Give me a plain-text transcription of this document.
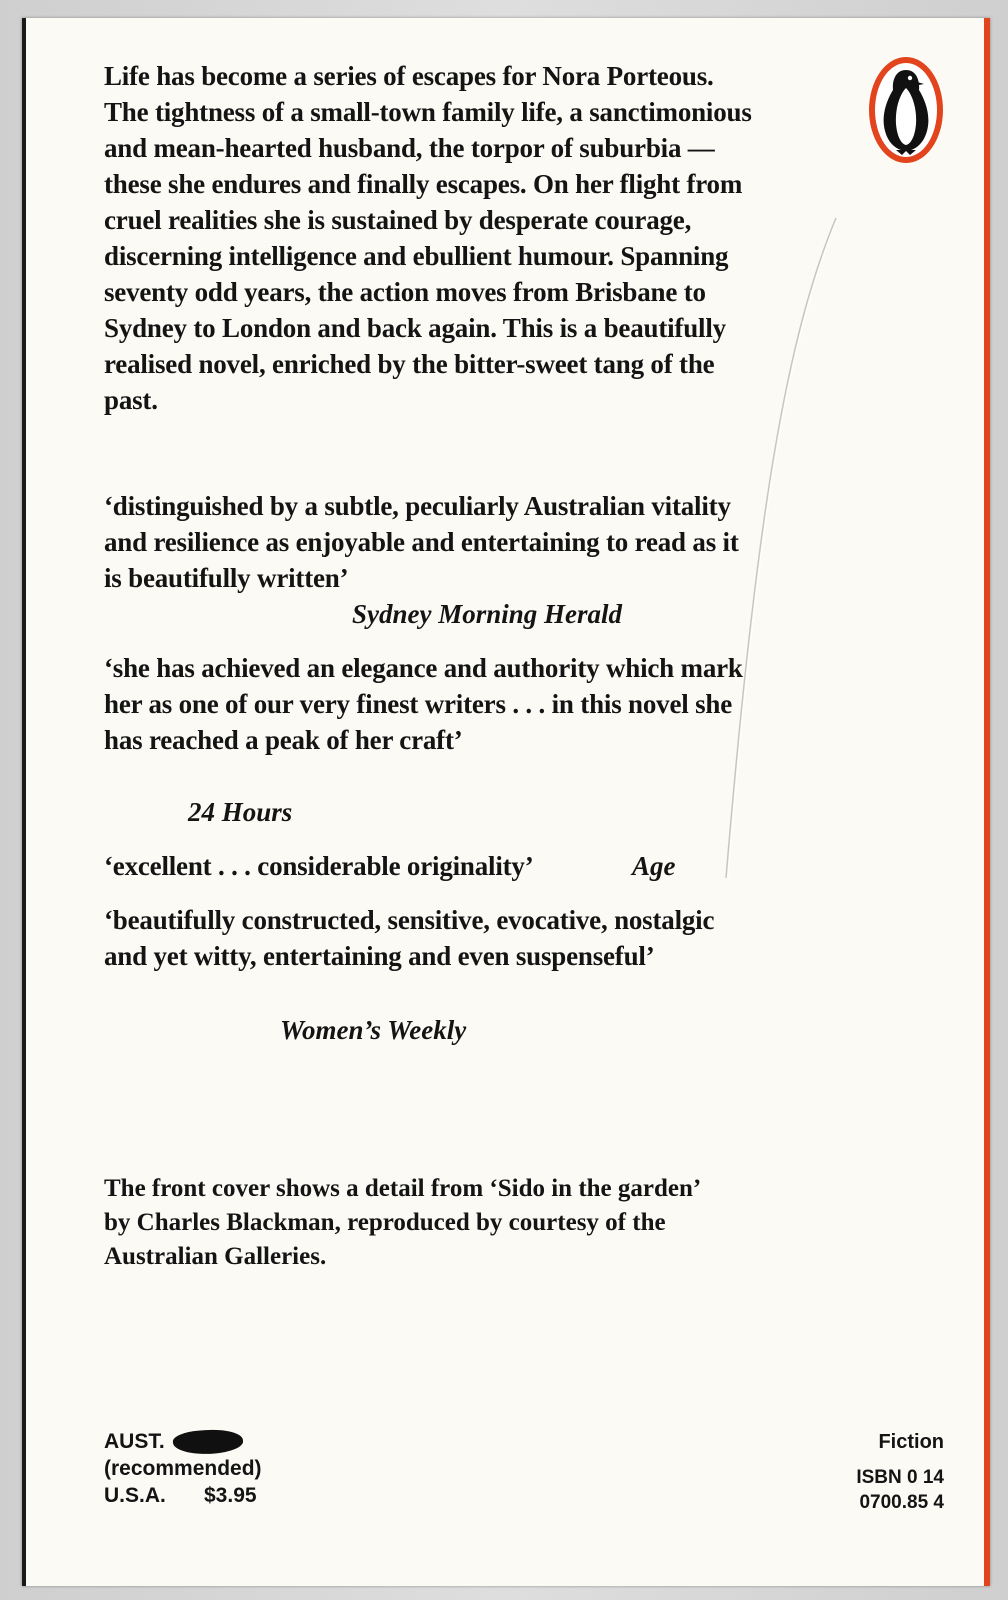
Life has become a series of escapes for Nora Porteous. The tightness of a small-town family life, a sanctimonious and mean-hearted husband, the torpor of suburbia — these she endures and finally escapes. On her flight from cruel realities she is sustained by desperate courage, discerning intelligence and ebullient humour. Spanning seventy odd years, the action moves from Brisbane to Sydney to London and back again. This is a beautifully realised novel, enriched by the bitter-sweet tang of the past.

‘distinguished by a subtle, peculiarly Australian vitality and resilience as enjoyable and entertaining to read as it is beautifully written’

Sydney Morning Herald

‘she has achieved an elegance and authority which mark her as one of our very finest writers . . . in this novel she has reached a peak of her craft’

24 Hours

‘excellent . . . considerable originality’	Age

‘beautifully constructed, sensitive, evocative, nostalgic and yet witty, entertaining and even suspenseful’

Women’s Weekly

The front cover shows a detail from ‘Sido in the garden’ by Charles Blackman, reproduced by courtesy of the Australian Galleries.

AUST.
(recommended)
U.S.A. $3.95
Fiction
ISBN 0 14
0700.85 4
